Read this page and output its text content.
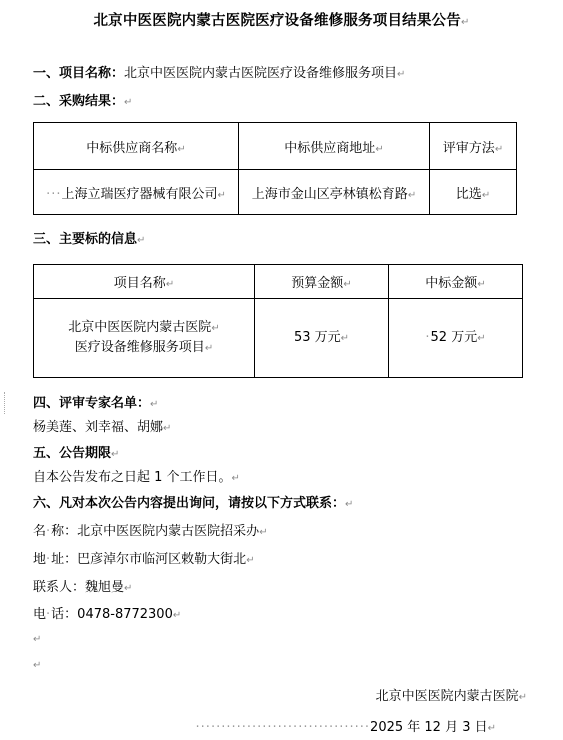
北京中医医院内蒙古医院医疗设备维修服务项目结果公告↵
一、项目名称：北京中医医院内蒙古医院医疗设备维修服务项目↵
二、采购结果：↵
中标供应商名称↵	中标供应商地址↵	评审方法↵
···上海立瑞医疗器械有限公司↵	上海市金山区亭林镇松育路↵	比选↵
三、主要标的信息↵
项目名称↵	预算金额↵	中标金额↵

北京中医医院内蒙古医院↵
医疗设备维修服务项目↵	53 万元↵	·52 万元↵
四、评审专家名单：↵
杨美莲、刘幸福、胡娜↵
五、公告期限↵
自本公告发布之日起 1 个工作日。↵
六、凡对本次公告内容提出询问，请按以下方式联系：↵
名·称：北京中医医院内蒙古医院招采办↵
地·址：巴彦淖尔市临河区敕勒大街北↵
联系人：魏旭曼↵
电·话：0478-8772300↵
↵
↵
北京中医医院内蒙古医院↵
··································2025 年 12 月 3 日↵
